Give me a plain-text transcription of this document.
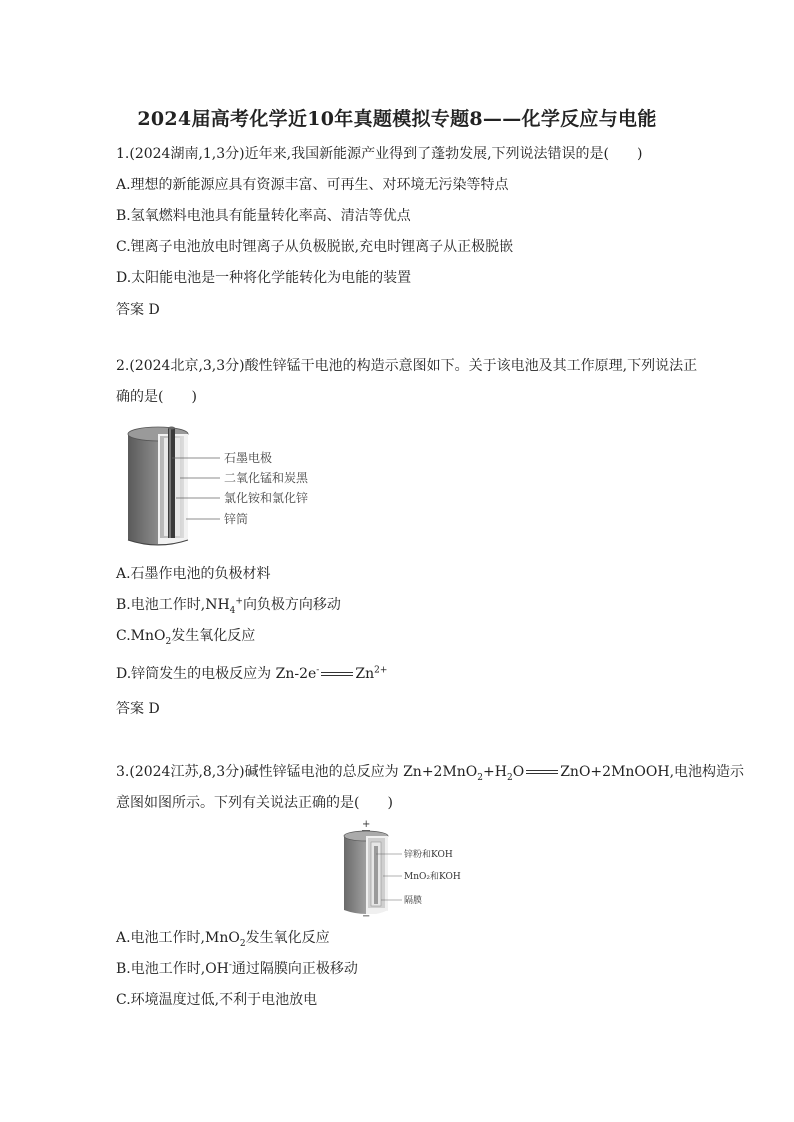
2024届高考化学近10年真题模拟专题8——化学反应与电能
1.(2024湖南,1,3分)近年来,我国新能源产业得到了蓬勃发展,下列说法错误的是(　　)
A.理想的新能源应具有资源丰富、可再生、对环境无污染等特点
B.氢氧燃料电池具有能量转化率高、清洁等优点
C.锂离子电池放电时锂离子从负极脱嵌,充电时锂离子从正极脱嵌
D.太阳能电池是一种将化学能转化为电能的装置
答案 D
2.(2024北京,3,3分)酸性锌锰干电池的构造示意图如下。关于该电池及其工作原理,下列说法正
确的是(　　)
石墨电极
二氧化锰和炭黑
氯化铵和氯化锌
锌筒
A.石墨作电池的负极材料
B.电池工作时$,NH_4^+$向负极方向移动
C.MnO$_2$发生氧化反应
D.锌筒发生的电极反应为 Zn-2e-	$Zn^{2+}$
答案 D
3.(2024江苏,8,3分)碱性锌锰电池的总反应为 $Zn+2MnO_2+H_2O$	ZnO+2MnOOH,电池构造示
意图如图所示。下列有关说法正确的是(　　)
+
锌粉和KOH
MnO₂和KOH
隔膜
−
A.电池工作时,MnO$_2$发生氧化反应
B.电池工作时,OH-通过隔膜向正极移动
C.环境温度过低,不利于电池放电
